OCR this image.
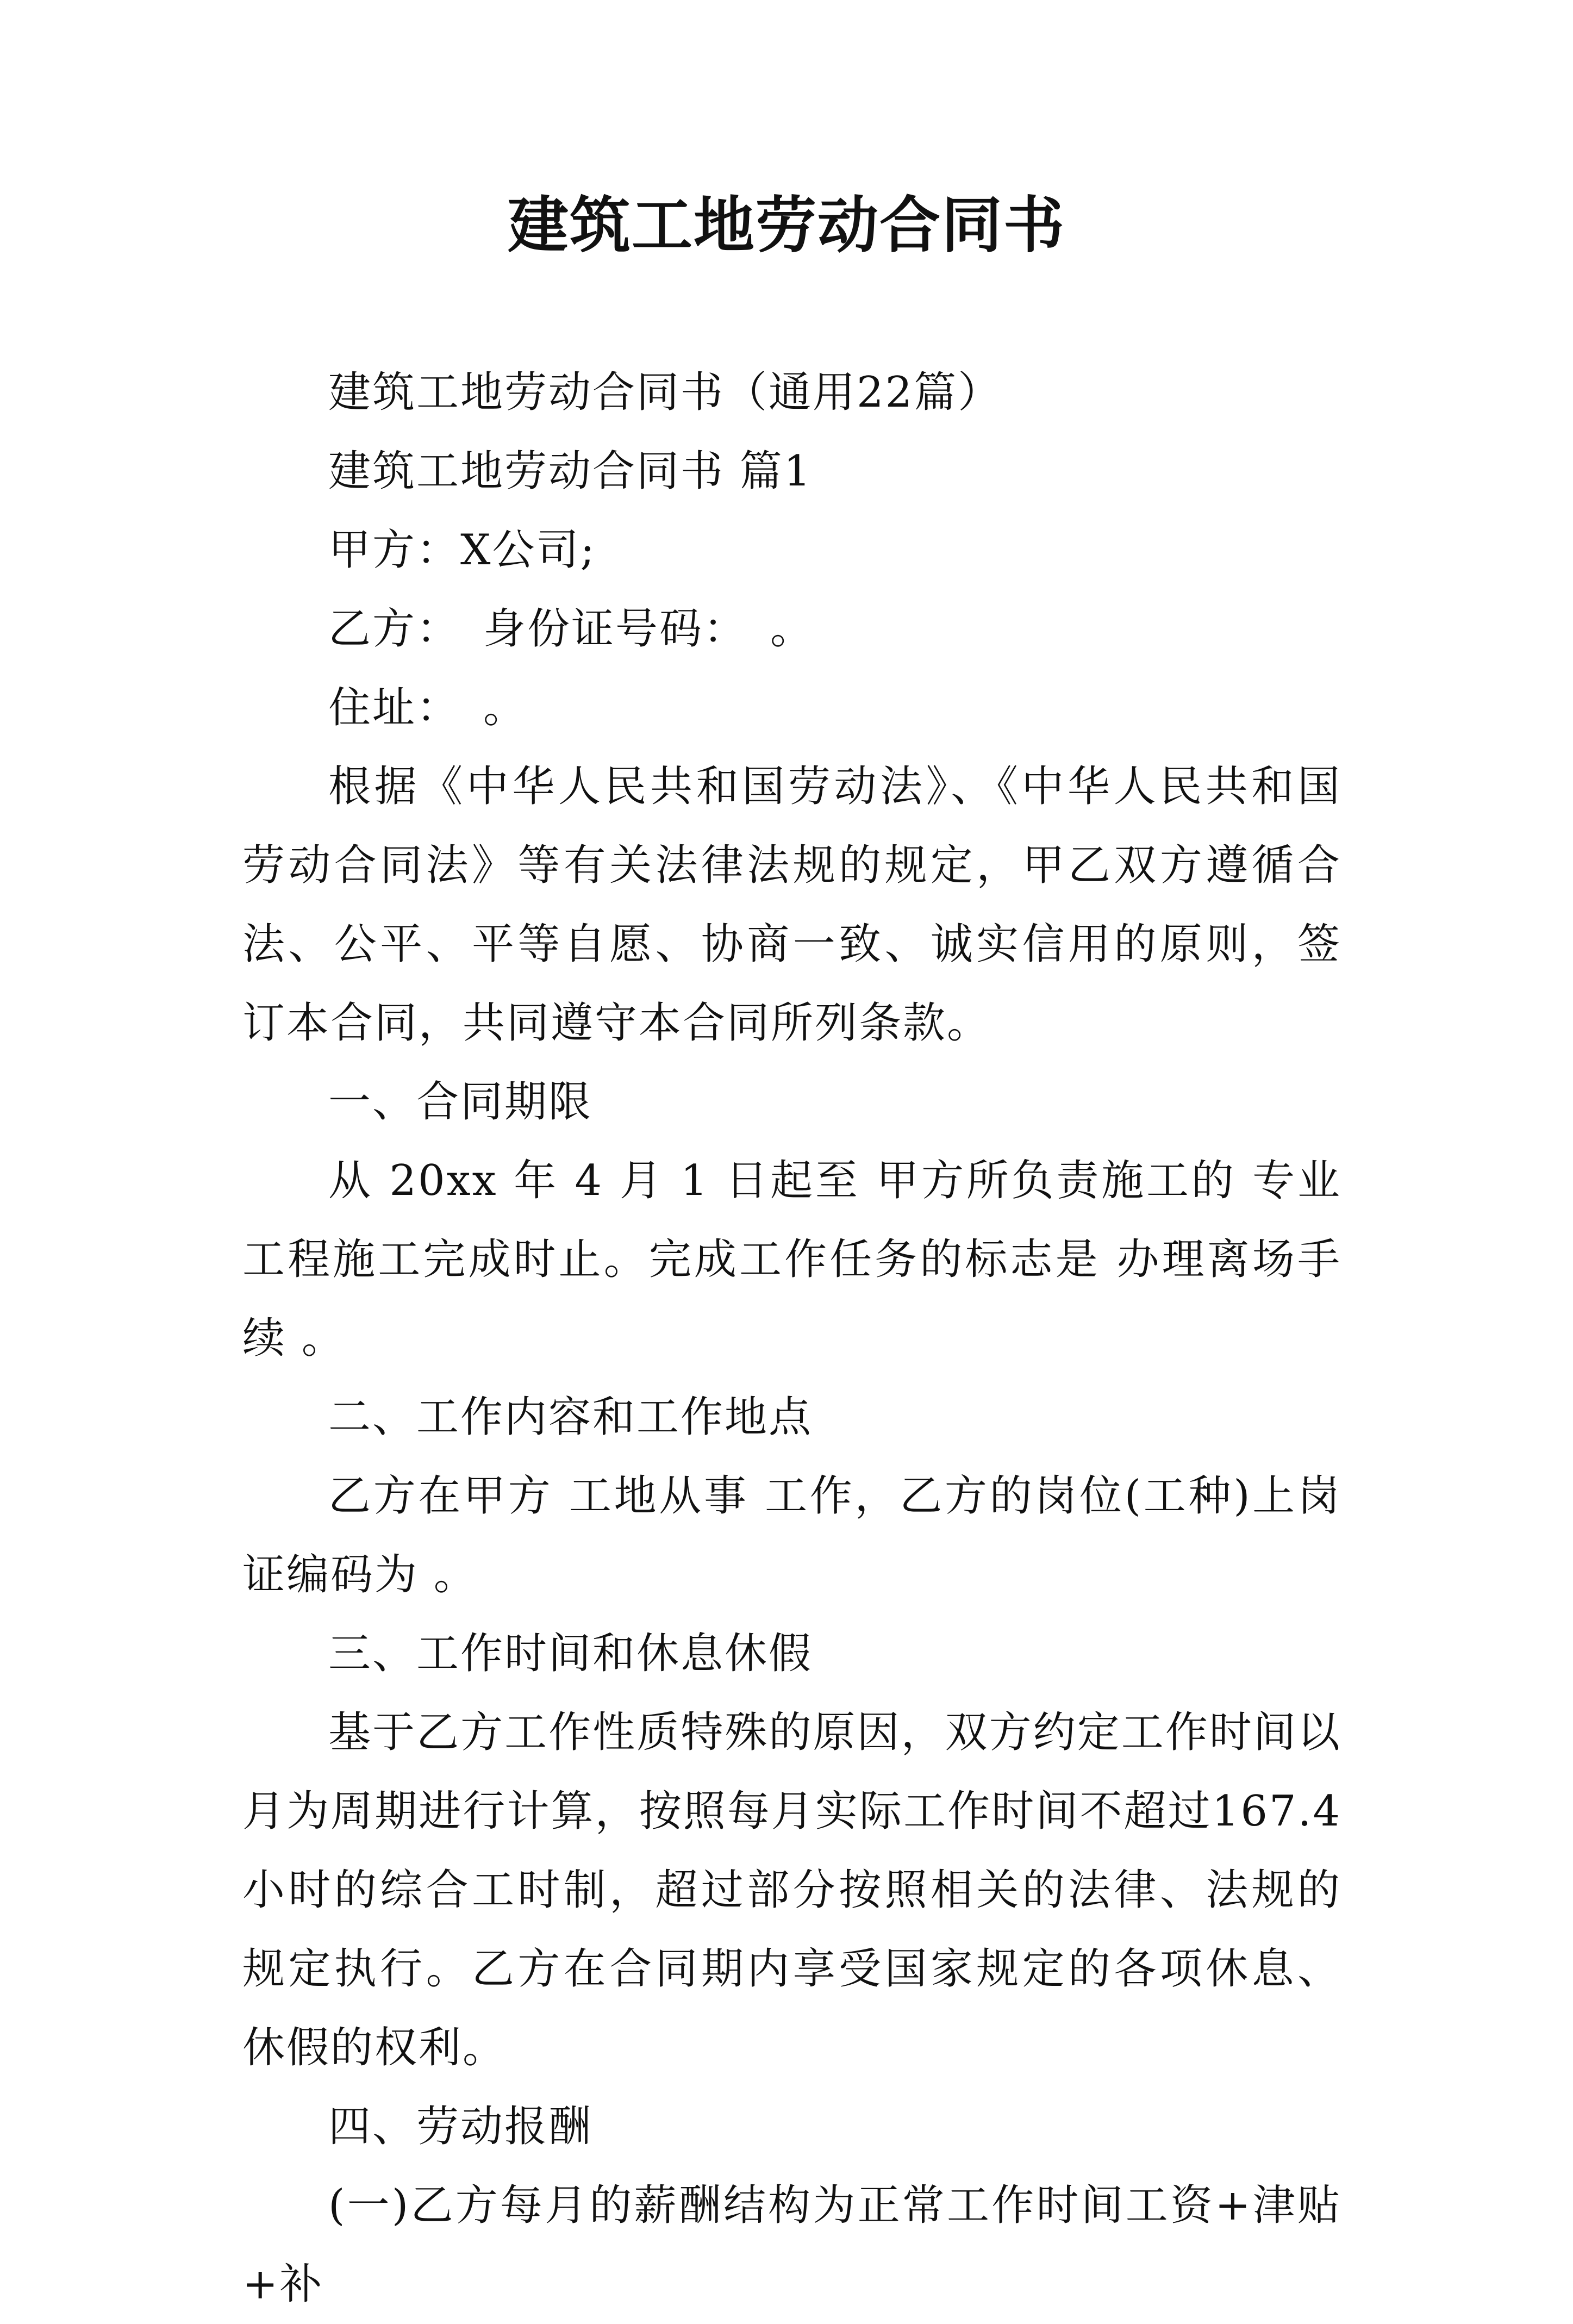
建筑工地劳动合同书

建筑工地劳动合同书（通用22篇）

建筑工地劳动合同书 篇1

甲方：X公司;

乙方：　身份证号码：　。

住址：　。

根据《中华人民共和国劳动法》、《中华人民共和国劳动合同法》等有关法律法规的规定，甲乙双方遵循合法、公平、平等自愿、协商一致、诚实信用的原则，签订本合同，共同遵守本合同所列条款。

一、合同期限

从 20xx 年 4 月 1 日起至 甲方所负责施工的 专业工程施工完成时止。完成工作任务的标志是 办理离场手续 。

二、工作内容和工作地点

乙方在甲方 工地从事 工作，乙方的岗位(工种)上岗证编码为 。

三、工作时间和休息休假

基于乙方工作性质特殊的原因，双方约定工作时间以月为周期进行计算，按照每月实际工作时间不超过167.4小时的综合工时制，超过部分按照相关的法律、法规的规定执行。乙方在合同期内享受国家规定的各项休息、休假的权利。

四、劳动报酬

(一)乙方每月的薪酬结构为正常工作时间工资+津贴+补
